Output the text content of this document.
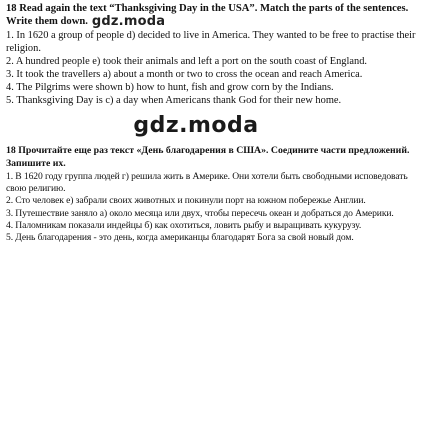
18 Read again the text “Thanksgiving Day in the USA”. Match the parts of the sentences. Write them down. gdz.moda

1. In 1620 a group of people d) decided to live in America. They wanted to be free to practise their religion.

2. A hundred people e) took their animals and left a port on the south coast of England.

3. It took the travellers a) about a month or two to cross the ocean and reach America.

4. The Pilgrims were shown b) how to hunt, fish and grow corn by the Indians.

5. Thanksgiving Day is c) a day when Americans thank God for their new home.

gdz.moda

18 Прочитайте еще раз текст «День благодарения в США». Соедините части предложений. Запишите их.

1. В 1620 году группа людей г) решила жить в Америке. Они хотели быть свободными исповедовать свою религию.

2. Сто человек е) забрали своих животных и покинули порт на южном побережье Англии.

3. Путешествие заняло а) около месяца или двух, чтобы пересечь океан и добраться до Америки.

4. Паломникам показали индейцы б) как охотиться, ловить рыбу и выращивать кукурузу.

5. День благодарения - это день, когда американцы благодарят Бога за свой новый дом.
